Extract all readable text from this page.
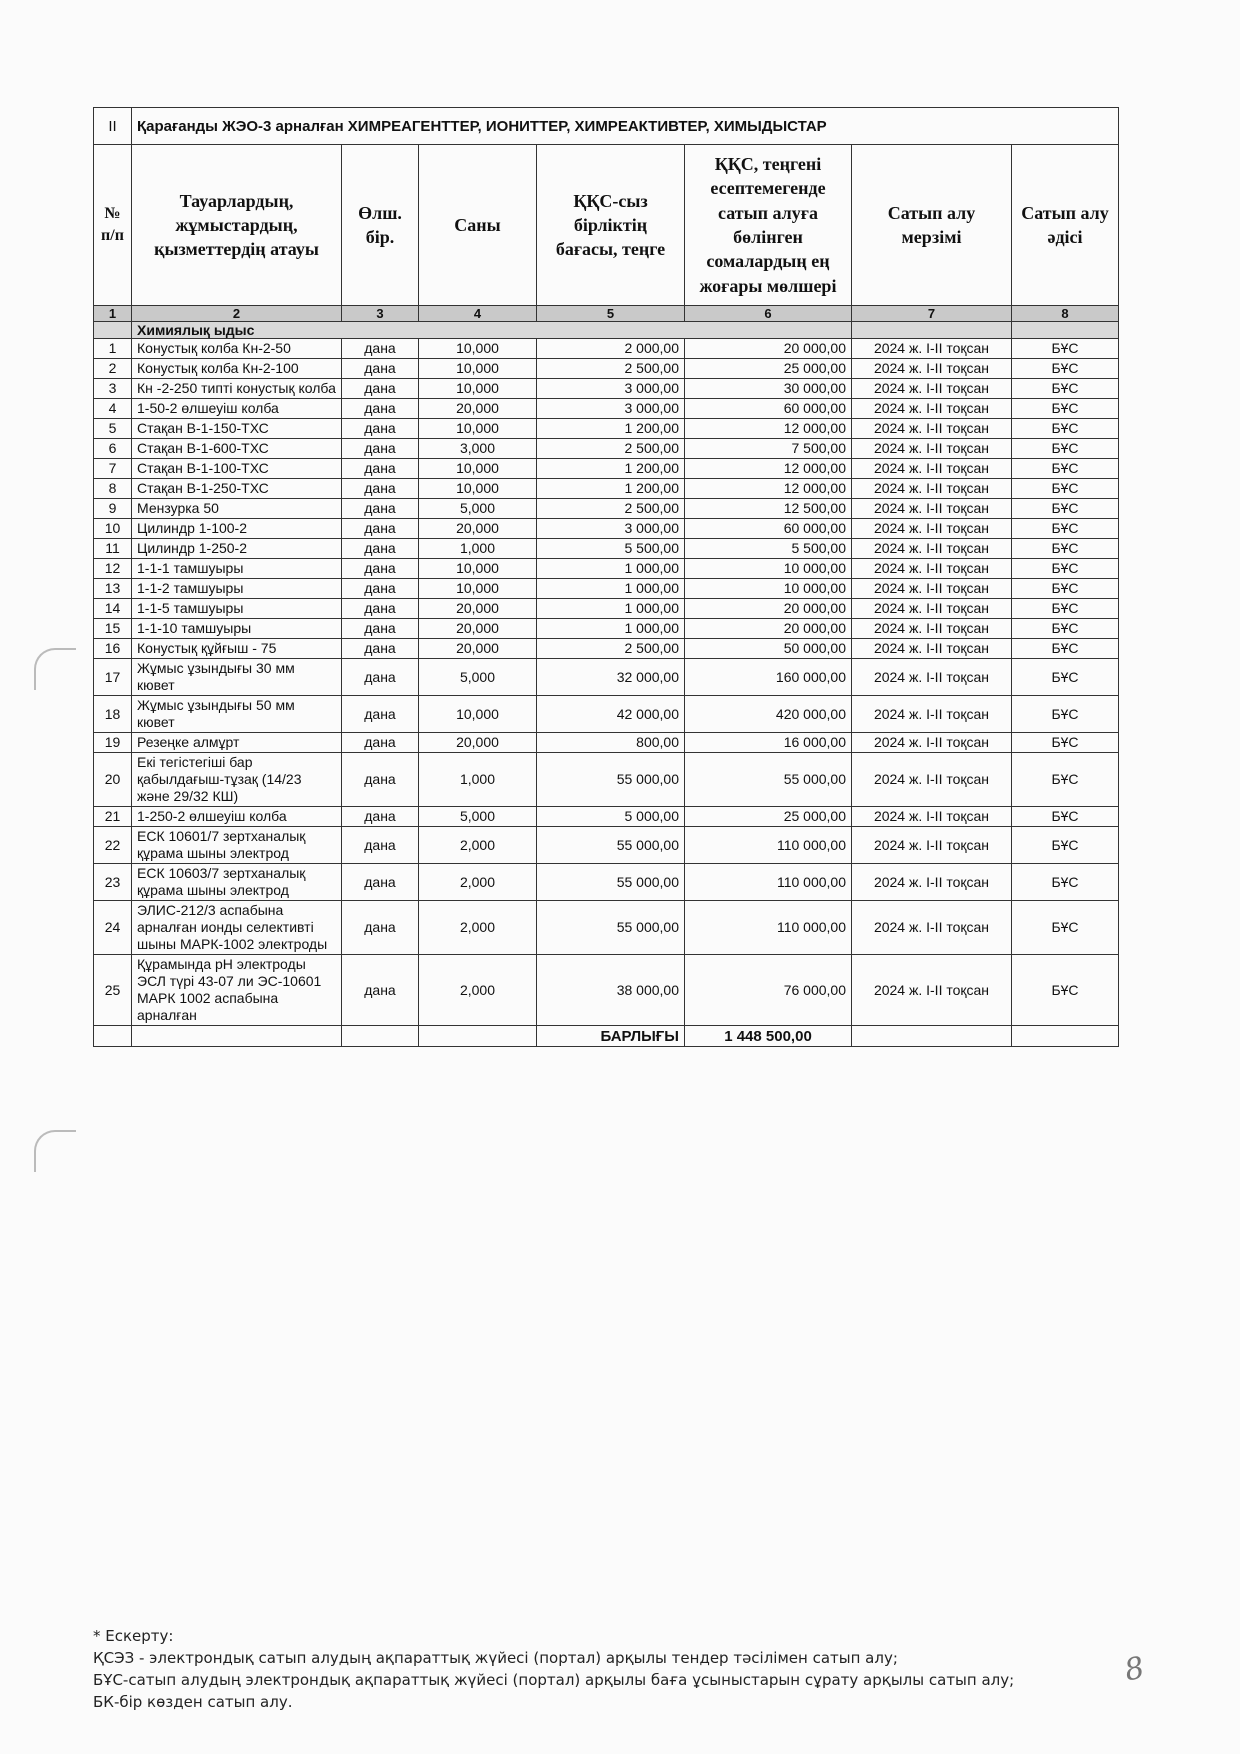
II	Қарағанды ЖЭО-3 арналған ХИМРЕАГЕНТТЕР, ИОНИТТЕР, ХИМРЕАКТИВТЕР, ХИМЫДЫСТАР						
№ п/п	Тауарлардың, жұмыстардың, қызметтердің атауы	Өлш. бір.	Саны	ҚҚС-сыз бірліктің бағасы, теңге	ҚҚС, теңгені есептемегенде сатып алуға бөлінген сомалардың ең жоғары мөлшері	Сатып алу мерзімі	Сатып алу әдісі
1	2	3	4	5	6	7	8
	Химиялық ыдыс						
1	Конустық колба Кн-2-50	дана	10,000	2 000,00	20 000,00	2024 ж. I-II тоқсан	БҰС
2	Конустық колба Кн-2-100	дана	10,000	2 500,00	25 000,00	2024 ж. I-II тоқсан	БҰС
3	Кн -2-250 типті конустық колба	дана	10,000	3 000,00	30 000,00	2024 ж. I-II тоқсан	БҰС
4	1-50-2 өлшеуіш колба	дана	20,000	3 000,00	60 000,00	2024 ж. I-II тоқсан	БҰС
5	Стақан В-1-150-ТХС	дана	10,000	1 200,00	12 000,00	2024 ж. I-II тоқсан	БҰС
6	Стақан В-1-600-ТХС	дана	3,000	2 500,00	7 500,00	2024 ж. I-II тоқсан	БҰС
7	Стақан В-1-100-ТХС	дана	10,000	1 200,00	12 000,00	2024 ж. I-II тоқсан	БҰС
8	Стақан В-1-250-ТХС	дана	10,000	1 200,00	12 000,00	2024 ж. I-II тоқсан	БҰС
9	Мензурка 50	дана	5,000	2 500,00	12 500,00	2024 ж. I-II тоқсан	БҰС
10	Цилиндр 1-100-2	дана	20,000	3 000,00	60 000,00	2024 ж. I-II тоқсан	БҰС
11	Цилиндр 1-250-2	дана	1,000	5 500,00	5 500,00	2024 ж. I-II тоқсан	БҰС
12	1-1-1 тамшуыры	дана	10,000	1 000,00	10 000,00	2024 ж. I-II тоқсан	БҰС
13	1-1-2 тамшуыры	дана	10,000	1 000,00	10 000,00	2024 ж. I-II тоқсан	БҰС
14	1-1-5 тамшуыры	дана	20,000	1 000,00	20 000,00	2024 ж. I-II тоқсан	БҰС
15	1-1-10 тамшуыры	дана	20,000	1 000,00	20 000,00	2024 ж. I-II тоқсан	БҰС
16	Конустық құйғыш - 75	дана	20,000	2 500,00	50 000,00	2024 ж. I-II тоқсан	БҰС
17	Жұмыс ұзындығы 30 мм кювет	дана	5,000	32 000,00	160 000,00	2024 ж. I-II тоқсан	БҰС
18	Жұмыс ұзындығы 50 мм кювет	дана	10,000	42 000,00	420 000,00	2024 ж. I-II тоқсан	БҰС
19	Резеңке алмұрт	дана	20,000	800,00	16 000,00	2024 ж. I-II тоқсан	БҰС
20	Екі тегістегіші бар қабылдағыш-тұзақ (14/23 және 29/32 КШ)	дана	1,000	55 000,00	55 000,00	2024 ж. I-II тоқсан	БҰС
21	1-250-2 өлшеуіш колба	дана	5,000	5 000,00	25 000,00	2024 ж. I-II тоқсан	БҰС
22	ЕСК 10601/7 зертханалық құрама шыны электрод	дана	2,000	55 000,00	110 000,00	2024 ж. I-II тоқсан	БҰС
23	ЕСК 10603/7 зертханалық құрама шыны электрод	дана	2,000	55 000,00	110 000,00	2024 ж. I-II тоқсан	БҰС
24	ЭЛИС-212/3 аспабына арналған ионды селективті шыны МАРК-1002 электроды	дана	2,000	55 000,00	110 000,00	2024 ж. I-II тоқсан	БҰС
25	Құрамында рН электроды ЭСЛ түрі 43-07 ли ЭС-10601 МАРК 1002 аспабына арналған	дана	2,000	38 000,00	76 000,00	2024 ж. I-II тоқсан	БҰС
				БАРЛЫҒЫ	1 448 500,00		
* Ескерту:
ҚСЭЗ - электрондық сатып алудың ақпараттық жүйесі (портал) арқылы тендер тәсілімен сатып алу;
БҰС-сатып алудың электрондық ақпараттық жүйесі (портал) арқылы баға ұсыныстарын сұрату арқылы сатып алу;
БК-бір көзден сатып алу.
8
